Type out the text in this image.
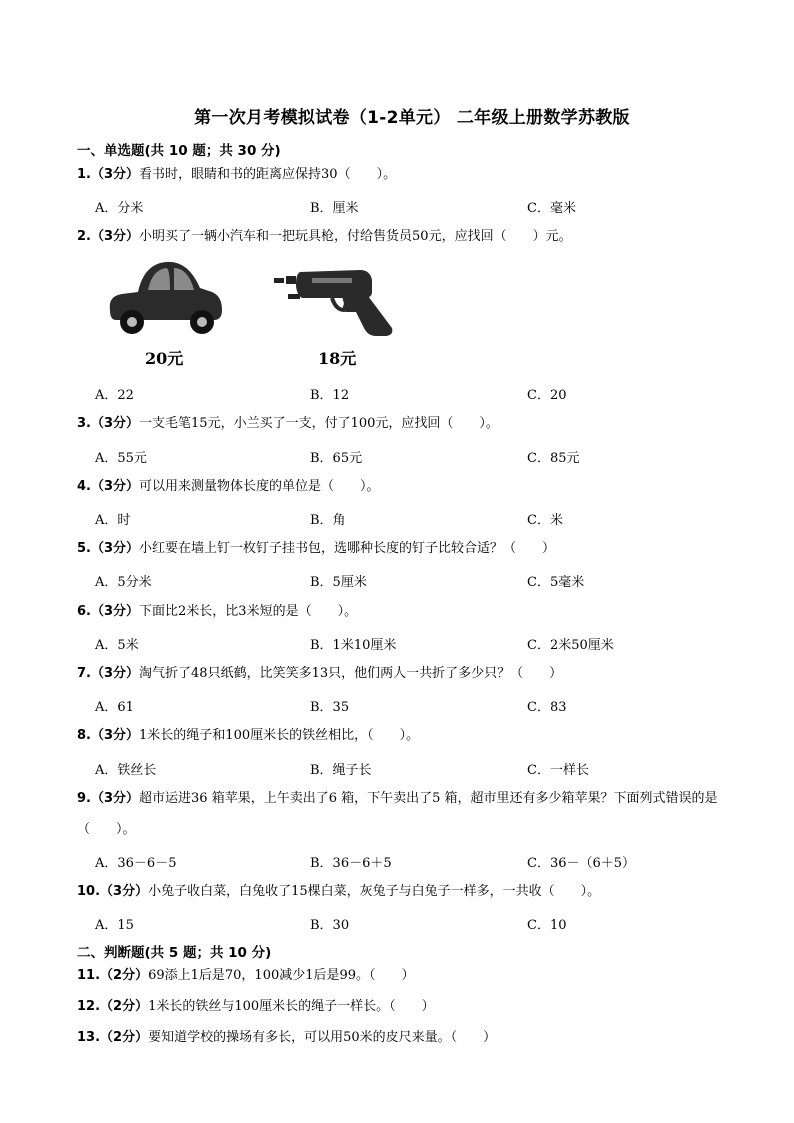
第一次月考模拟试卷（1-2单元） 二年级上册数学苏教版
一、单选题(共 10 题；共 30 分)
1.（3分）看书时，眼睛和书的距离应保持30（　　）。
A．分米	B．厘米	C．毫米
2.（3分）小明买了一辆小汽车和一把玩具枪，付给售货员50元，应找回（　　）元。
20元	18元
A．22	B．12	C．20
3.（3分）一支毛笔15元，小兰买了一支，付了100元，应找回（　　）。
A．55元	B．65元	C．85元
4.（3分）可以用来测量物体长度的单位是（　　）。
A．时	B．角	C．米
5.（3分）小红要在墙上钉一枚钉子挂书包，选哪种长度的钉子比较合适？（　　）
A．5分米	B．5厘米	C．5毫米
6.（3分）下面比2米长，比3米短的是（　　）。
A．5米	B．1米10厘米	C．2米50厘米
7.（3分）淘气折了48只纸鹤，比笑笑多13只，他们两人一共折了多少只？（　　）
A．61	B．35	C．83
8.（3分）1米长的绳子和100厘米长的铁丝相比，（　　）。
A．铁丝长	B．绳子长	C．一样长
9.（3分）超市运进36 箱苹果，上午卖出了6 箱，下午卖出了5 箱，超市里还有多少箱苹果？下面列式错误的是（　　）。
A．36－6－5	B．36－6＋5	C．36－（6＋5）
10.（3分）小兔子收白菜，白兔收了15棵白菜，灰兔子与白兔子一样多，一共收（　　）。
A．15	B．30	C．10
二、判断题(共 5 题；共 10 分)
11.（2分）69添上1后是70，100减少1后是99。（　　）
12.（2分）1米长的铁丝与100厘米长的绳子一样长。（　　）
13.（2分）要知道学校的操场有多长，可以用50米的皮尺来量。（　　）
